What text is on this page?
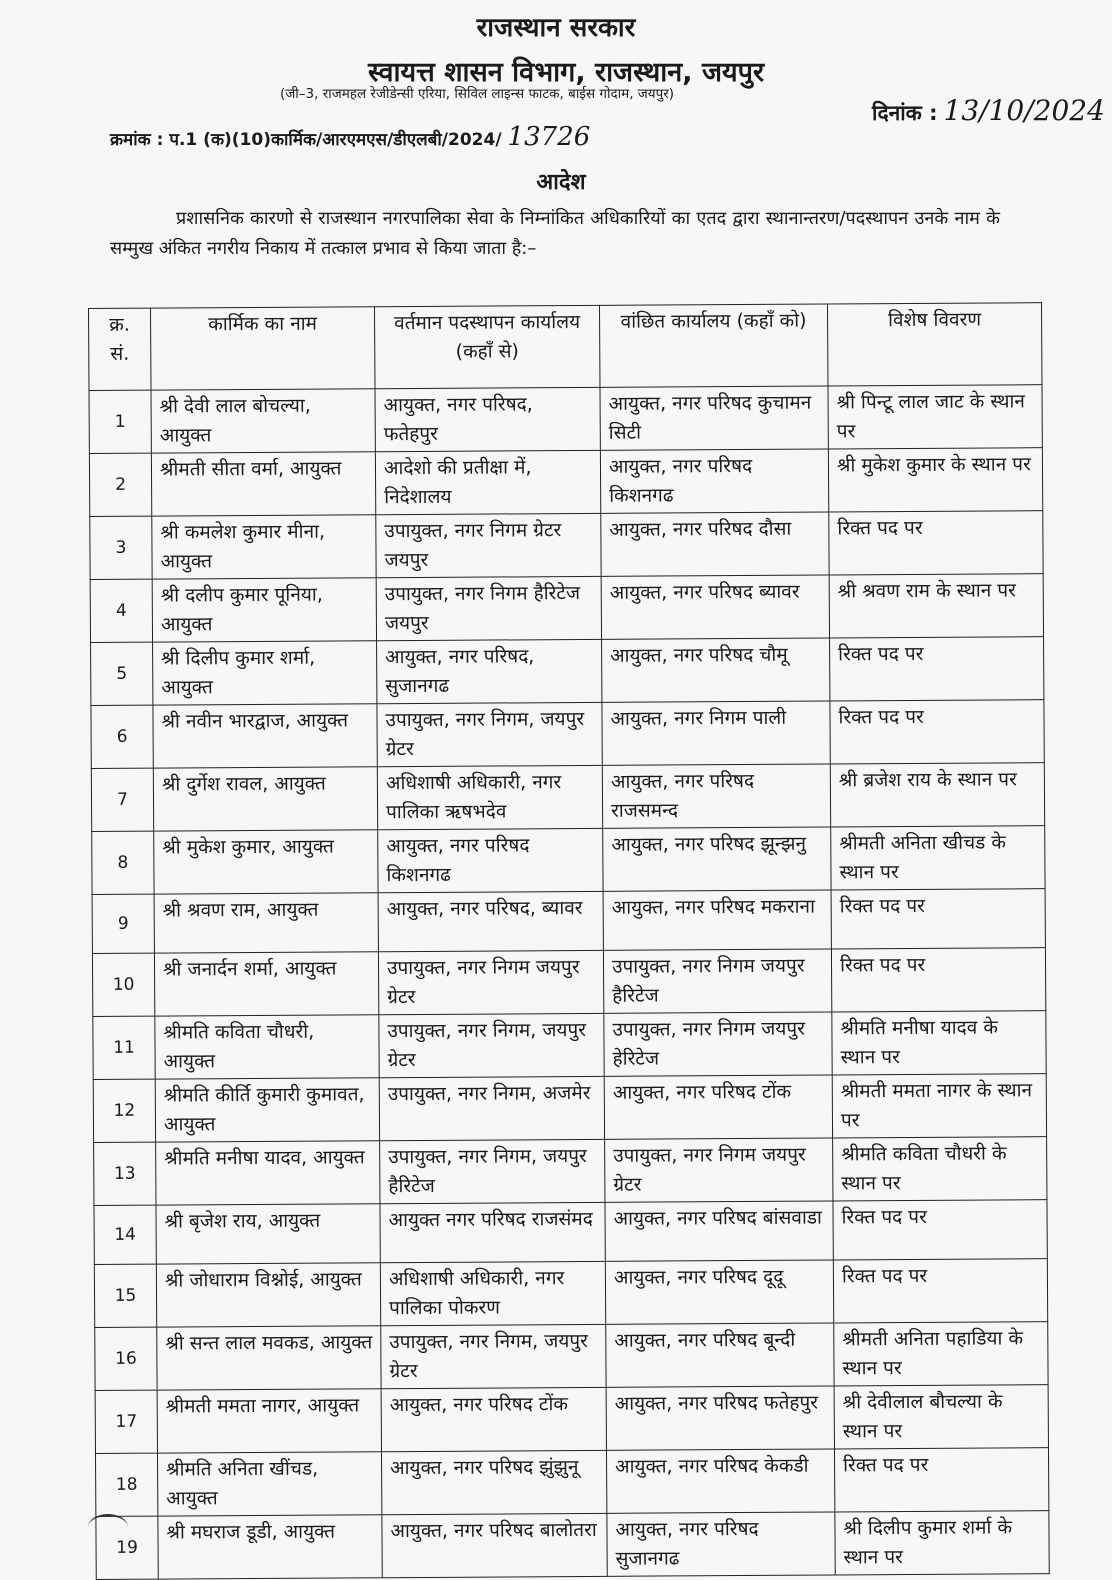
राजस्थान सरकार
स्वायत्त शासन विभाग, राजस्थान, जयपुर
(जी–3, राजमहल रेजीडेन्सी एरिया, सिविल लाइन्स फाटक, बाईस गोदाम, जयपुर)
क्रमांक : प.1 (क)(10)कार्मिक/आरएमएस/डीएलबी/2024/ 13726
दिनांक : 13/10/2024
आदेश
प्रशासनिक कारणो से राजस्थान नगरपालिका सेवा के निम्नांकित अधिकारियों का एतद द्वारा स्थानान्तरण/पदस्थापन उनके नाम के सम्मुख अंकित नगरीय निकाय में तत्काल प्रभाव से किया जाता है:–
क्र. सं.	कार्मिक का नाम	वर्तमान पदस्थापन कार्यालय (कहाँ से)	वांछित कार्यालय (कहाँ को)	विशेष विवरण
1	श्री देवी लाल बोचल्या, आयुक्त	आयुक्त, नगर परिषद, फतेहपुर	आयुक्त, नगर परिषद कुचामन सिटी	श्री पिन्टू लाल जाट के स्थान पर
2	श्रीमती सीता वर्मा, आयुक्त	आदेशो की प्रतीक्षा में, निदेशालय	आयुक्त, नगर परिषद किशनगढ	श्री मुकेश कुमार के स्थान पर
3	श्री कमलेश कुमार मीना, आयुक्त	उपायुक्त, नगर निगम ग्रेटर जयपुर	आयुक्त, नगर परिषद दौसा	रिक्त पद पर
4	श्री दलीप कुमार पूनिया, आयुक्त	उपायुक्त, नगर निगम हैरिटेज जयपुर	आयुक्त, नगर परिषद ब्यावर	श्री श्रवण राम के स्थान पर
5	श्री दिलीप कुमार शर्मा, आयुक्त	आयुक्त, नगर परिषद, सुजानगढ	आयुक्त, नगर परिषद चौमू	रिक्त पद पर
6	श्री नवीन भारद्वाज, आयुक्त	उपायुक्त, नगर निगम, जयपुर ग्रेटर	आयुक्त, नगर निगम पाली	रिक्त पद पर
7	श्री दुर्गेश रावल, आयुक्त	अधिशाषी अधिकारी, नगर पालिका ऋषभदेव	आयुक्त, नगर परिषद राजसमन्द	श्री ब्रजेश राय के स्थान पर
8	श्री मुकेश कुमार, आयुक्त	आयुक्त, नगर परिषद किशनगढ	आयुक्त, नगर परिषद झून्झनु	श्रीमती अनिता खीचड के स्थान पर
9	श्री श्रवण राम, आयुक्त	आयुक्त, नगर परिषद, ब्यावर	आयुक्त, नगर परिषद मकराना	रिक्त पद पर
10	श्री जनार्दन शर्मा, आयुक्त	उपायुक्त, नगर निगम जयपुर ग्रेटर	उपायुक्त, नगर निगम जयपुर हैरिटेज	रिक्त पद पर
11	श्रीमति कविता चौधरी, आयुक्त	उपायुक्त, नगर निगम, जयपुर ग्रेटर	उपायुक्त, नगर निगम जयपुर हेरिटेज	श्रीमति मनीषा यादव के स्थान पर
12	श्रीमति कीर्ति कुमारी कुमावत, आयुक्त	उपायुक्त, नगर निगम, अजमेर	आयुक्त, नगर परिषद टोंक	श्रीमती ममता नागर के स्थान पर
13	श्रीमति मनीषा यादव, आयुक्त	उपायुक्त, नगर निगम, जयपुर हैरिटेज	उपायुक्त, नगर निगम जयपुर ग्रेटर	श्रीमति कविता चौधरी के स्थान पर
14	श्री बृजेश राय, आयुक्त	आयुक्त नगर परिषद राजसंमद	आयुक्त, नगर परिषद बांसवाडा	रिक्त पद पर
15	श्री जोधाराम विश्नोई, आयुक्त	अधिशाषी अधिकारी, नगर पालिका पोकरण	आयुक्त, नगर परिषद दूदू	रिक्त पद पर
16	श्री सन्त लाल मवकड, आयुक्त	उपायुक्त, नगर निगम, जयपुर ग्रेटर	आयुक्त, नगर परिषद बून्दी	श्रीमती अनिता पहाडिया के स्थान पर
17	श्रीमती ममता नागर, आयुक्त	आयुक्त, नगर परिषद टोंक	आयुक्त, नगर परिषद फतेहपुर	श्री देवीलाल बौचल्या के स्थान पर
18	श्रीमति अनिता खींचड, आयुक्त	आयुक्त, नगर परिषद झुंझुनू	आयुक्त, नगर परिषद केकडी	रिक्त पद पर
19	श्री मघराज डूडी, आयुक्त	आयुक्त, नगर परिषद बालोतरा	आयुक्त, नगर परिषद सुजानगढ	श्री दिलीप कुमार शर्मा के स्थान पर
